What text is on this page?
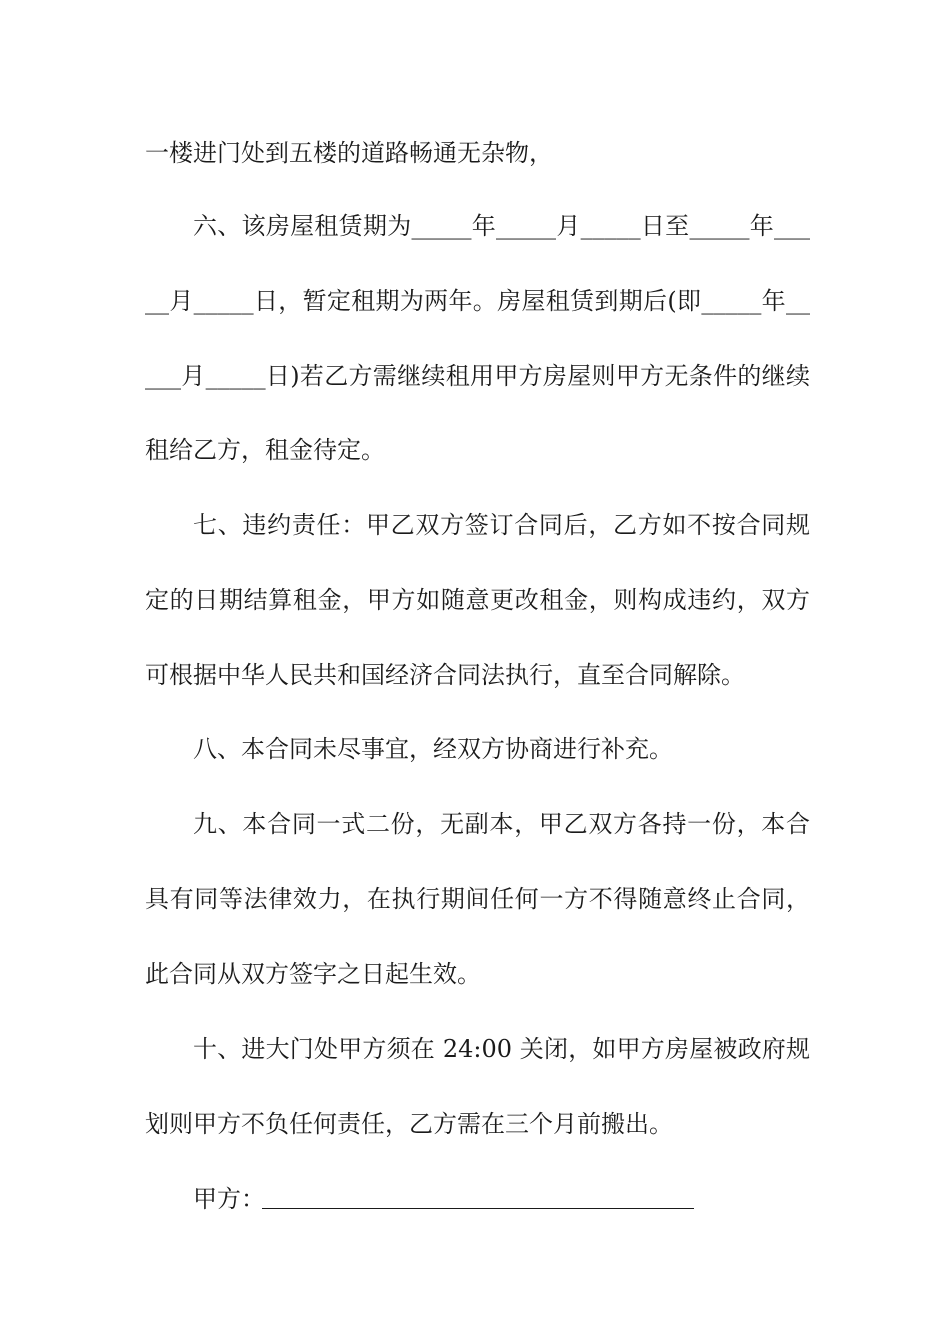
一楼进门处到五楼的道路畅通无杂物，
六、该房屋租赁期为_____年_____月_____日至_____年___
__月_____日，暂定租期为两年。房屋租赁到期后(即_____年__
___月_____日)若乙方需继续租用甲方房屋则甲方无条件的继续
租给乙方，租金待定。
七、违约责任：甲乙双方签订合同后，乙方如不按合同规
定的日期结算租金，甲方如随意更改租金，则构成违约，双方
可根据中华人民共和国经济合同法执行，直至合同解除。
八、本合同未尽事宜，经双方协商进行补充。
九、本合同一式二份，无副本，甲乙双方各持一份，本合
具有同等法律效力，在执行期间任何一方不得随意终止合同，
此合同从双方签字之日起生效。
十、进大门处甲方须在 24:00 关闭，如甲方房屋被政府规
划则甲方不负任何责任，乙方需在三个月前搬出。
甲方：
